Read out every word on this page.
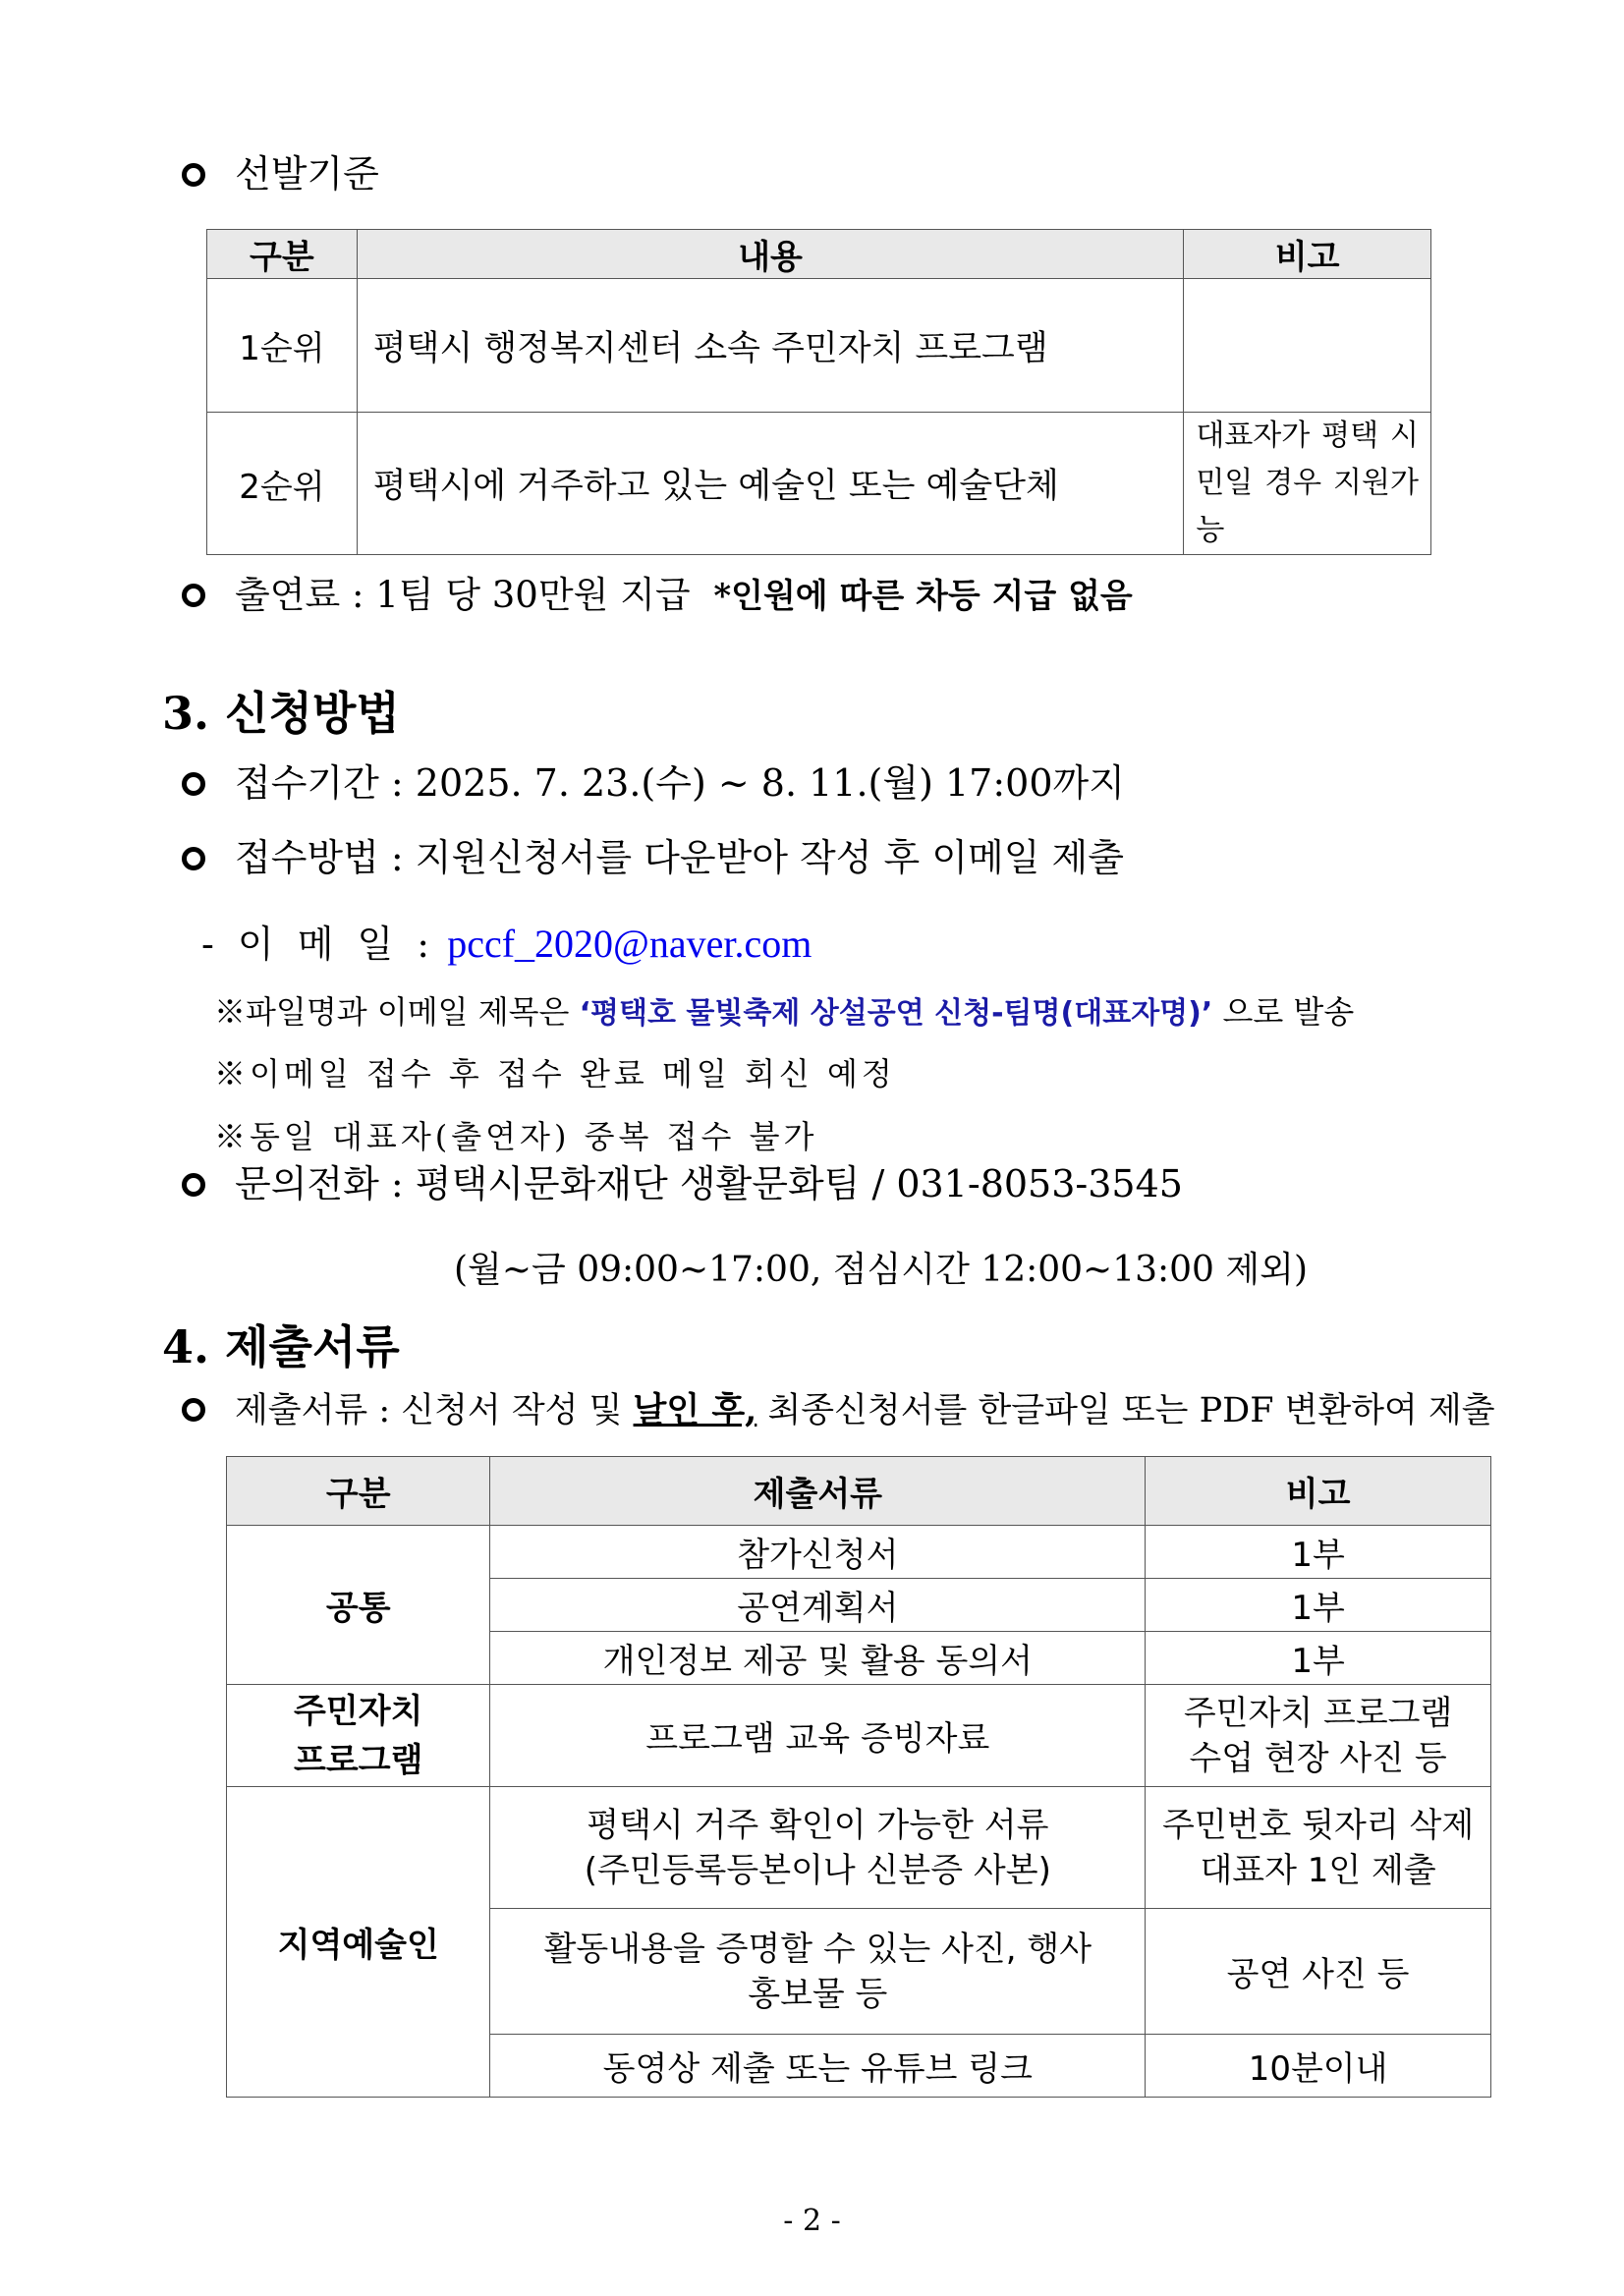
선발기준
구분	내용	비고
1순위	평택시 행정복지센터 소속 주민자치 프로그램	
2순위	평택시에 거주하고 있는 예술인 또는 예술단체	대표자가 평택 시민일 경우 지원가능
출연료 : 1팀 당 30만원 지급 *인원에 따른 차등 지급 없음
3. 신청방법
접수기간 : 2025. 7. 23.(수) ~ 8. 11.(월) 17:00까지
접수방법 : 지원신청서를 다운받아 작성 후 이메일 제출
- 이 메 일 : pccf_2020@naver.com
※파일명과 이메일 제목은 ‘평택호 물빛축제 상설공연 신청-팀명(대표자명)’ 으로 발송
※이메일 접수 후 접수 완료 메일 회신 예정
※동일 대표자(출연자) 중복 접수 불가
문의전화 : 평택시문화재단 생활문화팀 / 031-8053-3545
(월~금 09:00~17:00, 점심시간 12:00~13:00 제외)
4. 제출서류
제출서류 : 신청서 작성 및 날인 후, 최종신청서를 한글파일 또는 PDF 변환하여 제출
구분	제출서류	비고
공통	참가신청서	1부
	공연계획서	1부
	개인정보 제공 및 활용 동의서	1부
주민자치 프로그램	프로그램 교육 증빙자료	주민자치 프로그램 수업 현장 사진 등
지역예술인	평택시 거주 확인이 가능한 서류 (주민등록등본이나 신분증 사본)	주민번호 뒷자리 삭제 대표자 1인 제출
	활동내용을 증명할 수 있는 사진, 행사 홍보물 등	공연 사진 등
	동영상 제출 또는 유튜브 링크	10분이내
- 2 -
